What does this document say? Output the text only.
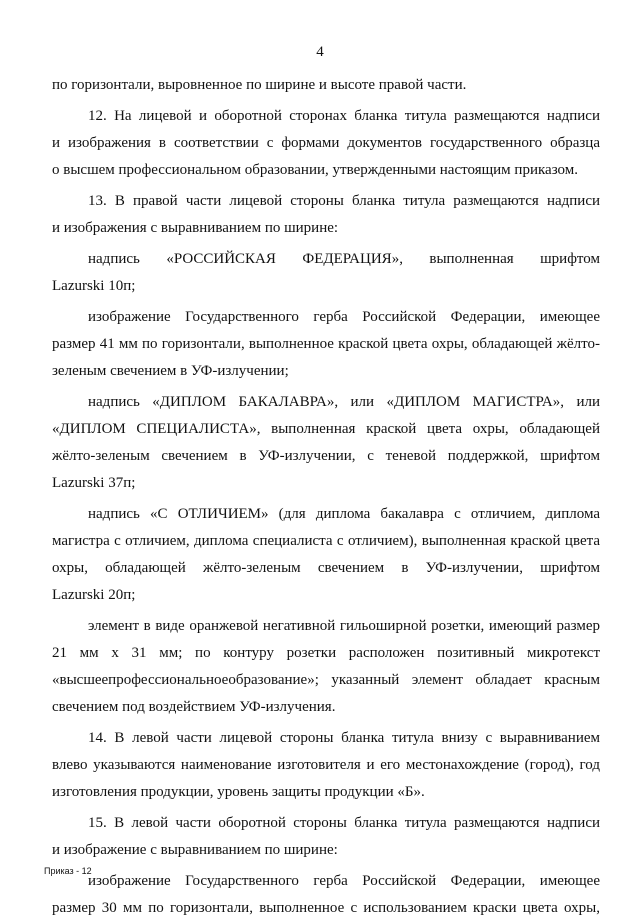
4
по горизонтали, выровненное по ширине и высоте правой части.
12. На лицевой и оборотной сторонах бланка титула размещаются надписи
и изображения в соответствии с формами документов государственного образца
о высшем профессиональном образовании, утвержденными настоящим приказом.
13. В правой части лицевой стороны бланка титула размещаются надписи
и изображения с выравниванием по ширине:
надпись «РОССИЙСКАЯ ФЕДЕРАЦИЯ», выполненная шрифтом
Lazurski 10п;
изображение Государственного герба Российской Федерации, имеющее
размер 41 мм по горизонтали, выполненное краской цвета охры, обладающей жёлто-
зеленым свечением в УФ-излучении;
надпись «ДИПЛОМ БАКАЛАВРА», или «ДИПЛОМ МАГИСТРА», или
«ДИПЛОМ СПЕЦИАЛИСТА», выполненная краской цвета охры, обладающей
жёлто-зеленым свечением в УФ-излучении, с теневой поддержкой, шрифтом
Lazurski 37п;
надпись «С ОТЛИЧИЕМ» (для диплома бакалавра с отличием, диплома
магистра с отличием, диплома специалиста с отличием), выполненная краской цвета
охры, обладающей жёлто-зеленым свечением в УФ-излучении, шрифтом
Lazurski 20п;
элемент в виде оранжевой негативной гильоширной розетки, имеющий размер
21 мм х 31 мм; по контуру розетки расположен позитивный микротекст
«высшеепрофессиональноеобразование»; указанный элемент обладает красным
свечением под воздействием УФ-излучения.
14. В левой части лицевой стороны бланка титула внизу с выравниванием
влево указываются наименование изготовителя и его местонахождение (город), год
изготовления продукции, уровень защиты продукции «Б».
15. В левой части оборотной стороны бланка титула размещаются надписи
и изображение с выравниванием по ширине:
изображение Государственного герба Российской Федерации, имеющее
размер 30 мм по горизонтали, выполненное с использованием краски цвета охры,
Приказ - 12
